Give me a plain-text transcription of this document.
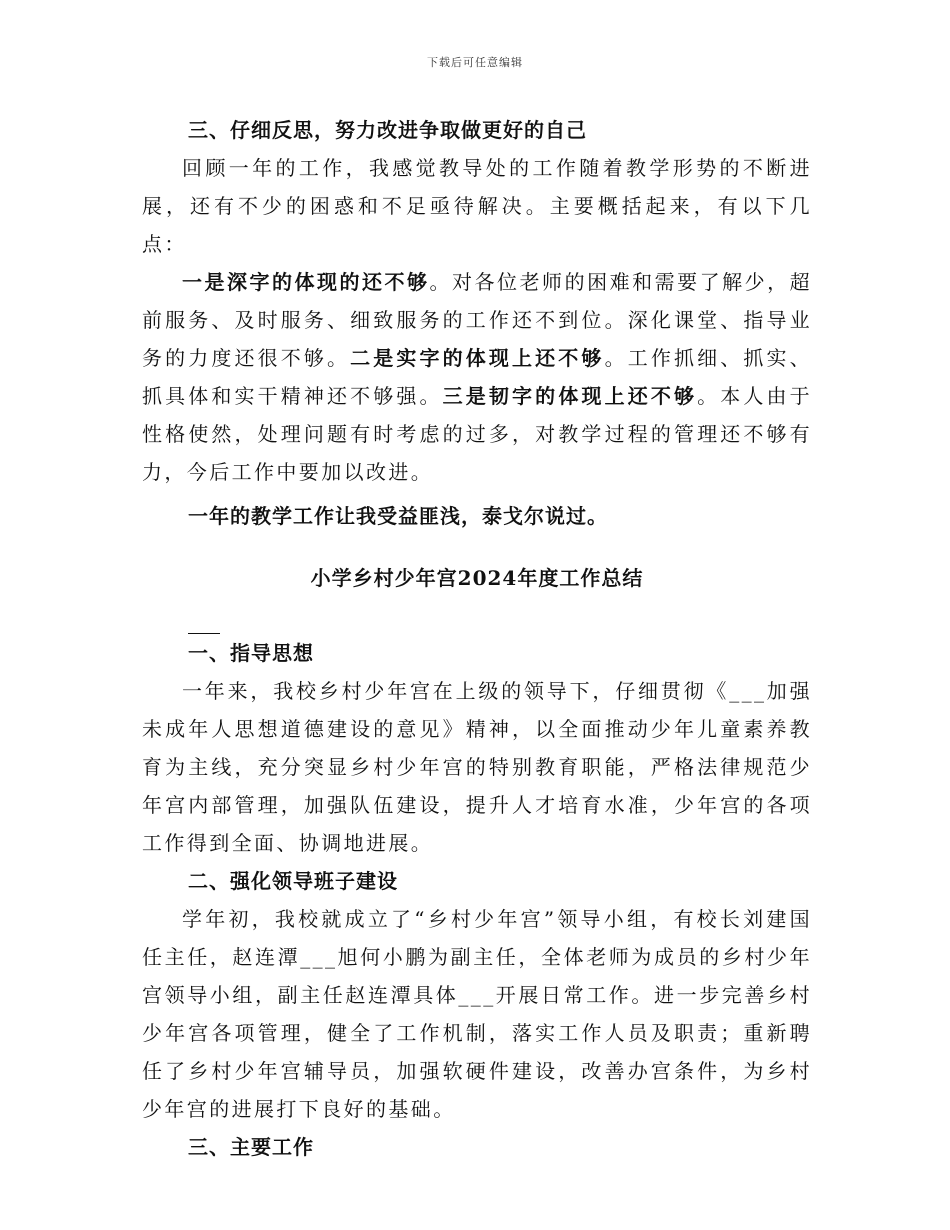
下载后可任意编辑

三、仔细反思，努力改进争取做更好的自己

回顾一年的工作，我感觉教导处的工作随着教学形势的不断进展，还有不少的困惑和不足亟待解决。主要概括起来，有以下几点：

一是深字的体现的还不够。对各位老师的困难和需要了解少，超前服务、及时服务、细致服务的工作还不到位。深化课堂、指导业务的力度还很不够。二是实字的体现上还不够。工作抓细、抓实、抓具体和实干精神还不够强。三是韧字的体现上还不够。本人由于性格使然，处理问题有时考虑的过多，对教学过程的管理还不够有力，今后工作中要加以改进。

一年的教学工作让我受益匪浅，泰戈尔说过。

小学乡村少年宫2024年度工作总结

一、指导思想

一年来，我校乡村少年宫在上级的领导下，仔细贯彻《___加强未成年人思想道德建设的意见》精神，以全面推动少年儿童素养教育为主线，充分突显乡村少年宫的特别教育职能，严格法律规范少年宫内部管理，加强队伍建设，提升人才培育水准，少年宫的各项工作得到全面、协调地进展。

二、强化领导班子建设

学年初，我校就成立了“乡村少年宫”领导小组，有校长刘建国任主任，赵连潭___旭何小鹏为副主任，全体老师为成员的乡村少年宫领导小组，副主任赵连潭具体___开展日常工作。进一步完善乡村少年宫各项管理，健全了工作机制，落实工作人员及职责；重新聘任了乡村少年宫辅导员，加强软硬件建设，改善办宫条件，为乡村少年宫的进展打下良好的基础。

三、主要工作
